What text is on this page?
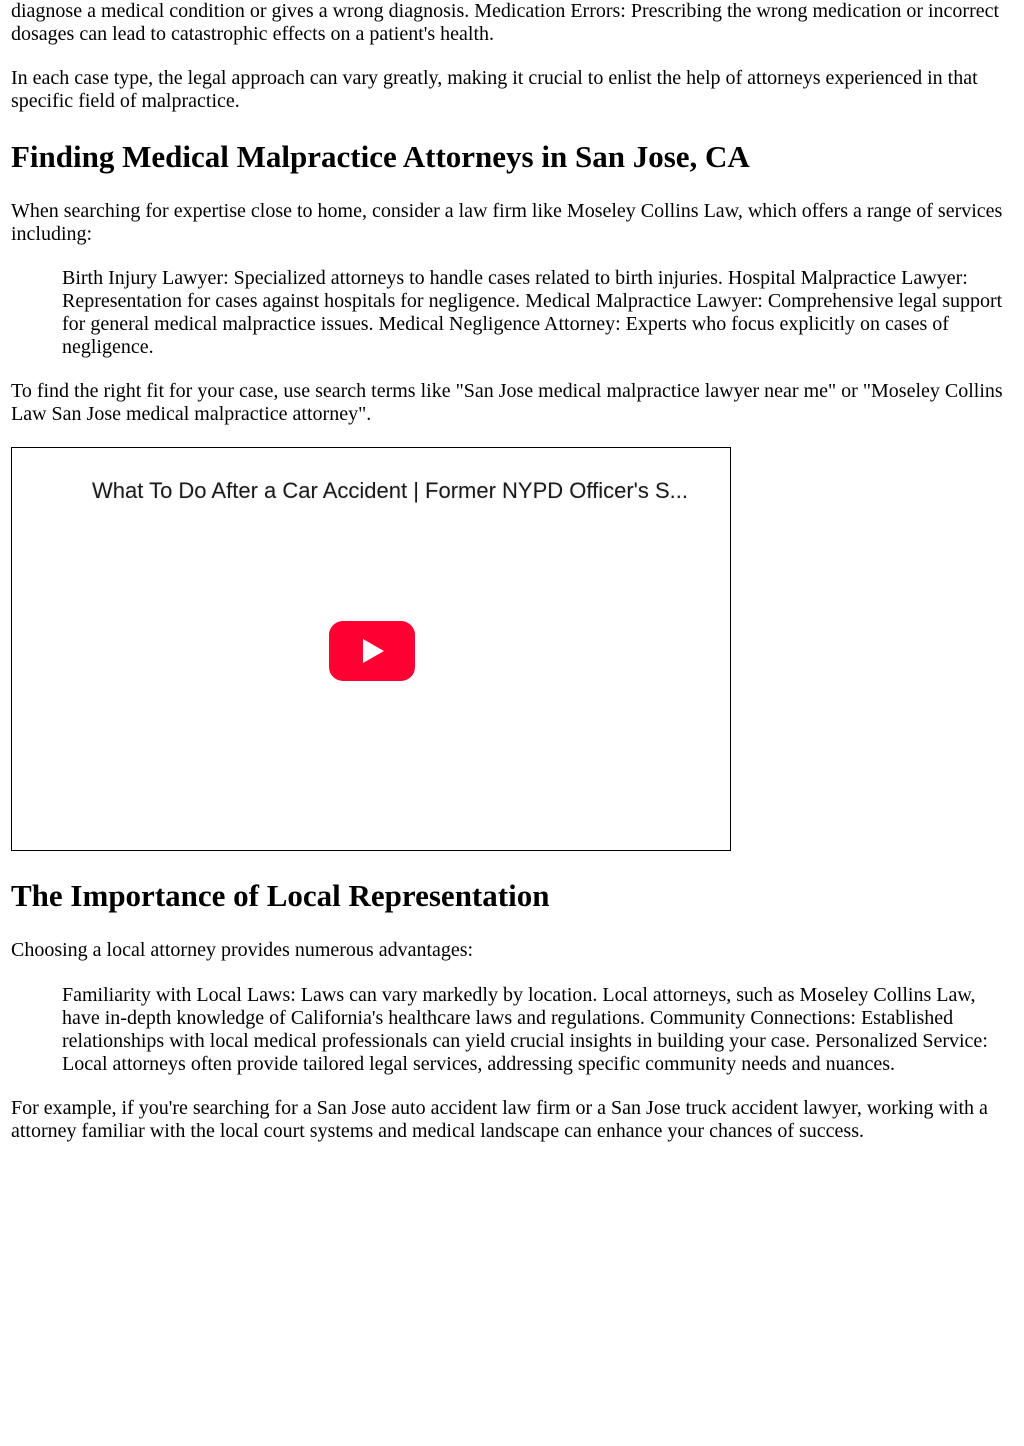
diagnose a medical condition or gives a wrong diagnosis. Medication Errors: Prescribing the wrong medication or incorrect dosages can lead to catastrophic effects on a patient's health.

In each case type, the legal approach can vary greatly, making it crucial to enlist the help of attorneys experienced in that specific field of malpractice.

Finding Medical Malpractice Attorneys in San Jose, CA

When searching for expertise close to home, consider a law firm like Moseley Collins Law, which offers a range of services including:

Birth Injury Lawyer: Specialized attorneys to handle cases related to birth injuries. Hospital Malpractice Lawyer: Representation for cases against hospitals for negligence. Medical Malpractice Lawyer: Comprehensive legal support for general medical malpractice issues. Medical Negligence Attorney: Experts who focus explicitly on cases of negligence.

To find the right fit for your case, use search terms like "San Jose medical malpractice lawyer near me" or "Moseley Collins Law San Jose medical malpractice attorney".

What To Do After a Car Accident | Former NYPD Officer's S...
The Importance of Local Representation

Choosing a local attorney provides numerous advantages:

Familiarity with Local Laws: Laws can vary markedly by location. Local attorneys, such as Moseley Collins Law, have in-depth knowledge of California's healthcare laws and regulations. Community Connections: Established relationships with local medical professionals can yield crucial insights in building your case. Personalized Service: Local attorneys often provide tailored legal services, addressing specific community needs and nuances.

For example, if you're searching for a San Jose auto accident law firm or a San Jose truck accident lawyer, working with a attorney familiar with the local court systems and medical landscape can enhance your chances of success.
